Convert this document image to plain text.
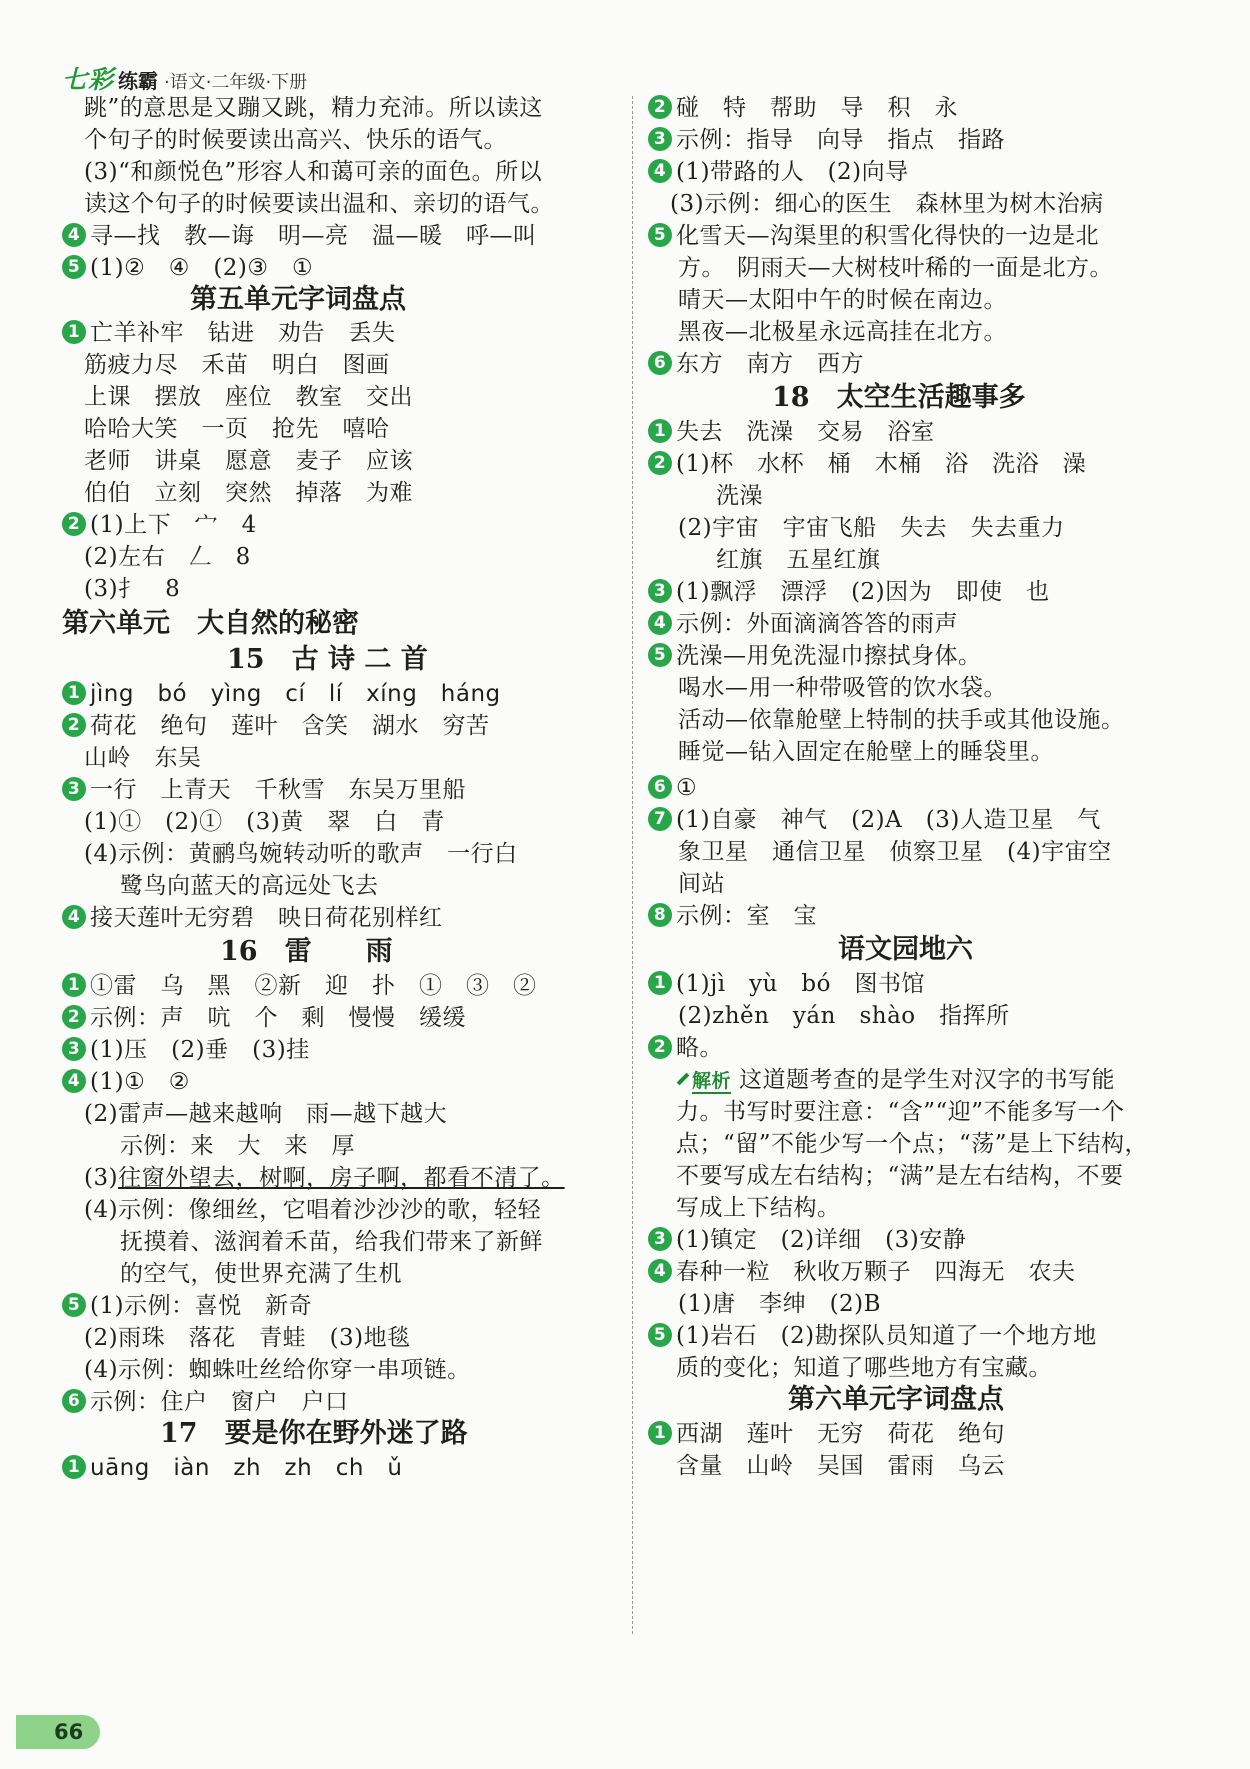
七彩 练霸 ·语文·二年级·下册
跳”的意思是又蹦又跳，精力充沛。所以读这
个句子的时候要读出高兴、快乐的语气。
(3)“和颜悦色”形容人和蔼可亲的面色。所以
读这个句子的时候要读出温和、亲切的语气。
4 寻—找　教—诲　明—亮　温—暖　呼—叫
5 (1)②　④　(2)③　①
第五单元字词盘点
1 亡羊补牢　钻进　劝告　丢失
筋疲力尽　禾苗　明白　图画
上课　摆放　座位　教室　交出
哈哈大笑　一页　抢先　嘻哈
老师　讲桌　愿意　麦子　应该
伯伯　立刻　突然　掉落　为难
2 (1)上下　宀　4
(2)左右　𠃋　8
(3)扌　8
第六单元　大自然的秘密
15　古 诗 二 首
1 jìng　bó　yìng　cí　lí　xíng　háng
2 荷花　绝句　莲叶　含笑　湖水　穷苦
山岭　东吴
3 一行　上青天　千秋雪　东吴万里船
(1)①　(2)①　(3)黄　翠　白　青
(4)示例：黄鹂鸟婉转动听的歌声　一行白
鹭鸟向蓝天的高远处飞去
4 接天莲叶无穷碧　映日荷花别样红
16　雷　　雨
1 ①雷　乌　黑　②新　迎　扑　①　③　②
2 示例：声　吭　个　剩　慢慢　缓缓
3 (1)压　(2)垂　(3)挂
4 (1)①　②
(2)雷声—越来越响　雨—越下越大
示例：来　大　来　厚
(3)往窗外望去，树啊，房子啊，都看不清了。
(4)示例：像细丝，它唱着沙沙沙的歌，轻轻
抚摸着、滋润着禾苗，给我们带来了新鲜
的空气，使世界充满了生机
5 (1)示例：喜悦　新奇
(2)雨珠　落花　青蛙　(3)地毯
(4)示例：蜘蛛吐丝给你穿一串项链。
6 示例：住户　窗户　户口
17　要是你在野外迷了路
1 uāng　iàn　zh　zh　ch　ǔ
2 碰　特　帮助　导　积　永
3 示例：指导　向导　指点　指路
4 (1)带路的人　(2)向导
(3)示例：细心的医生　森林里为树木治病
5 化雪天—沟渠里的积雪化得快的一边是北
方。　阴雨天—大树枝叶稀的一面是北方。
晴天—太阳中午的时候在南边。
黑夜—北极星永远高挂在北方。
6 东方　南方　西方
18　太空生活趣事多
1 失去　洗澡　交易　浴室
2 (1)杯　水杯　桶　木桶　浴　洗浴　澡
洗澡
(2)宇宙　宇宙飞船　失去　失去重力
红旗　五星红旗
3 (1)飘浮　漂浮　(2)因为　即使　也
4 示例：外面滴滴答答的雨声
5 洗澡—用免洗湿巾擦拭身体。
喝水—用一种带吸管的饮水袋。
活动—依靠舱壁上特制的扶手或其他设施。
睡觉—钻入固定在舱壁上的睡袋里。
6 ①
7 (1)自豪　神气　(2)A　(3)人造卫星　气
象卫星　通信卫星　侦察卫星　(4)宇宙空
间站
8 示例：室　宝
语文园地六
1 (1)jì　yù　bó　图书馆
(2)zhěn　yán　shào　指挥所
2 略。
解析 这道题考查的是学生对汉字的书写能
力。书写时要注意：“含”“迎”不能多写一个
点；“留”不能少写一个点；“荡”是上下结构，
不要写成左右结构；“满”是左右结构，不要
写成上下结构。
3 (1)镇定　(2)详细　(3)安静
4 春种一粒　秋收万颗子　四海无　农夫
(1)唐　李绅　(2)B
5 (1)岩石　(2)勘探队员知道了一个地方地
质的变化；知道了哪些地方有宝藏。
第六单元字词盘点
1 西湖　莲叶　无穷　荷花　绝句
含量　山岭　吴国　雷雨　乌云
66
